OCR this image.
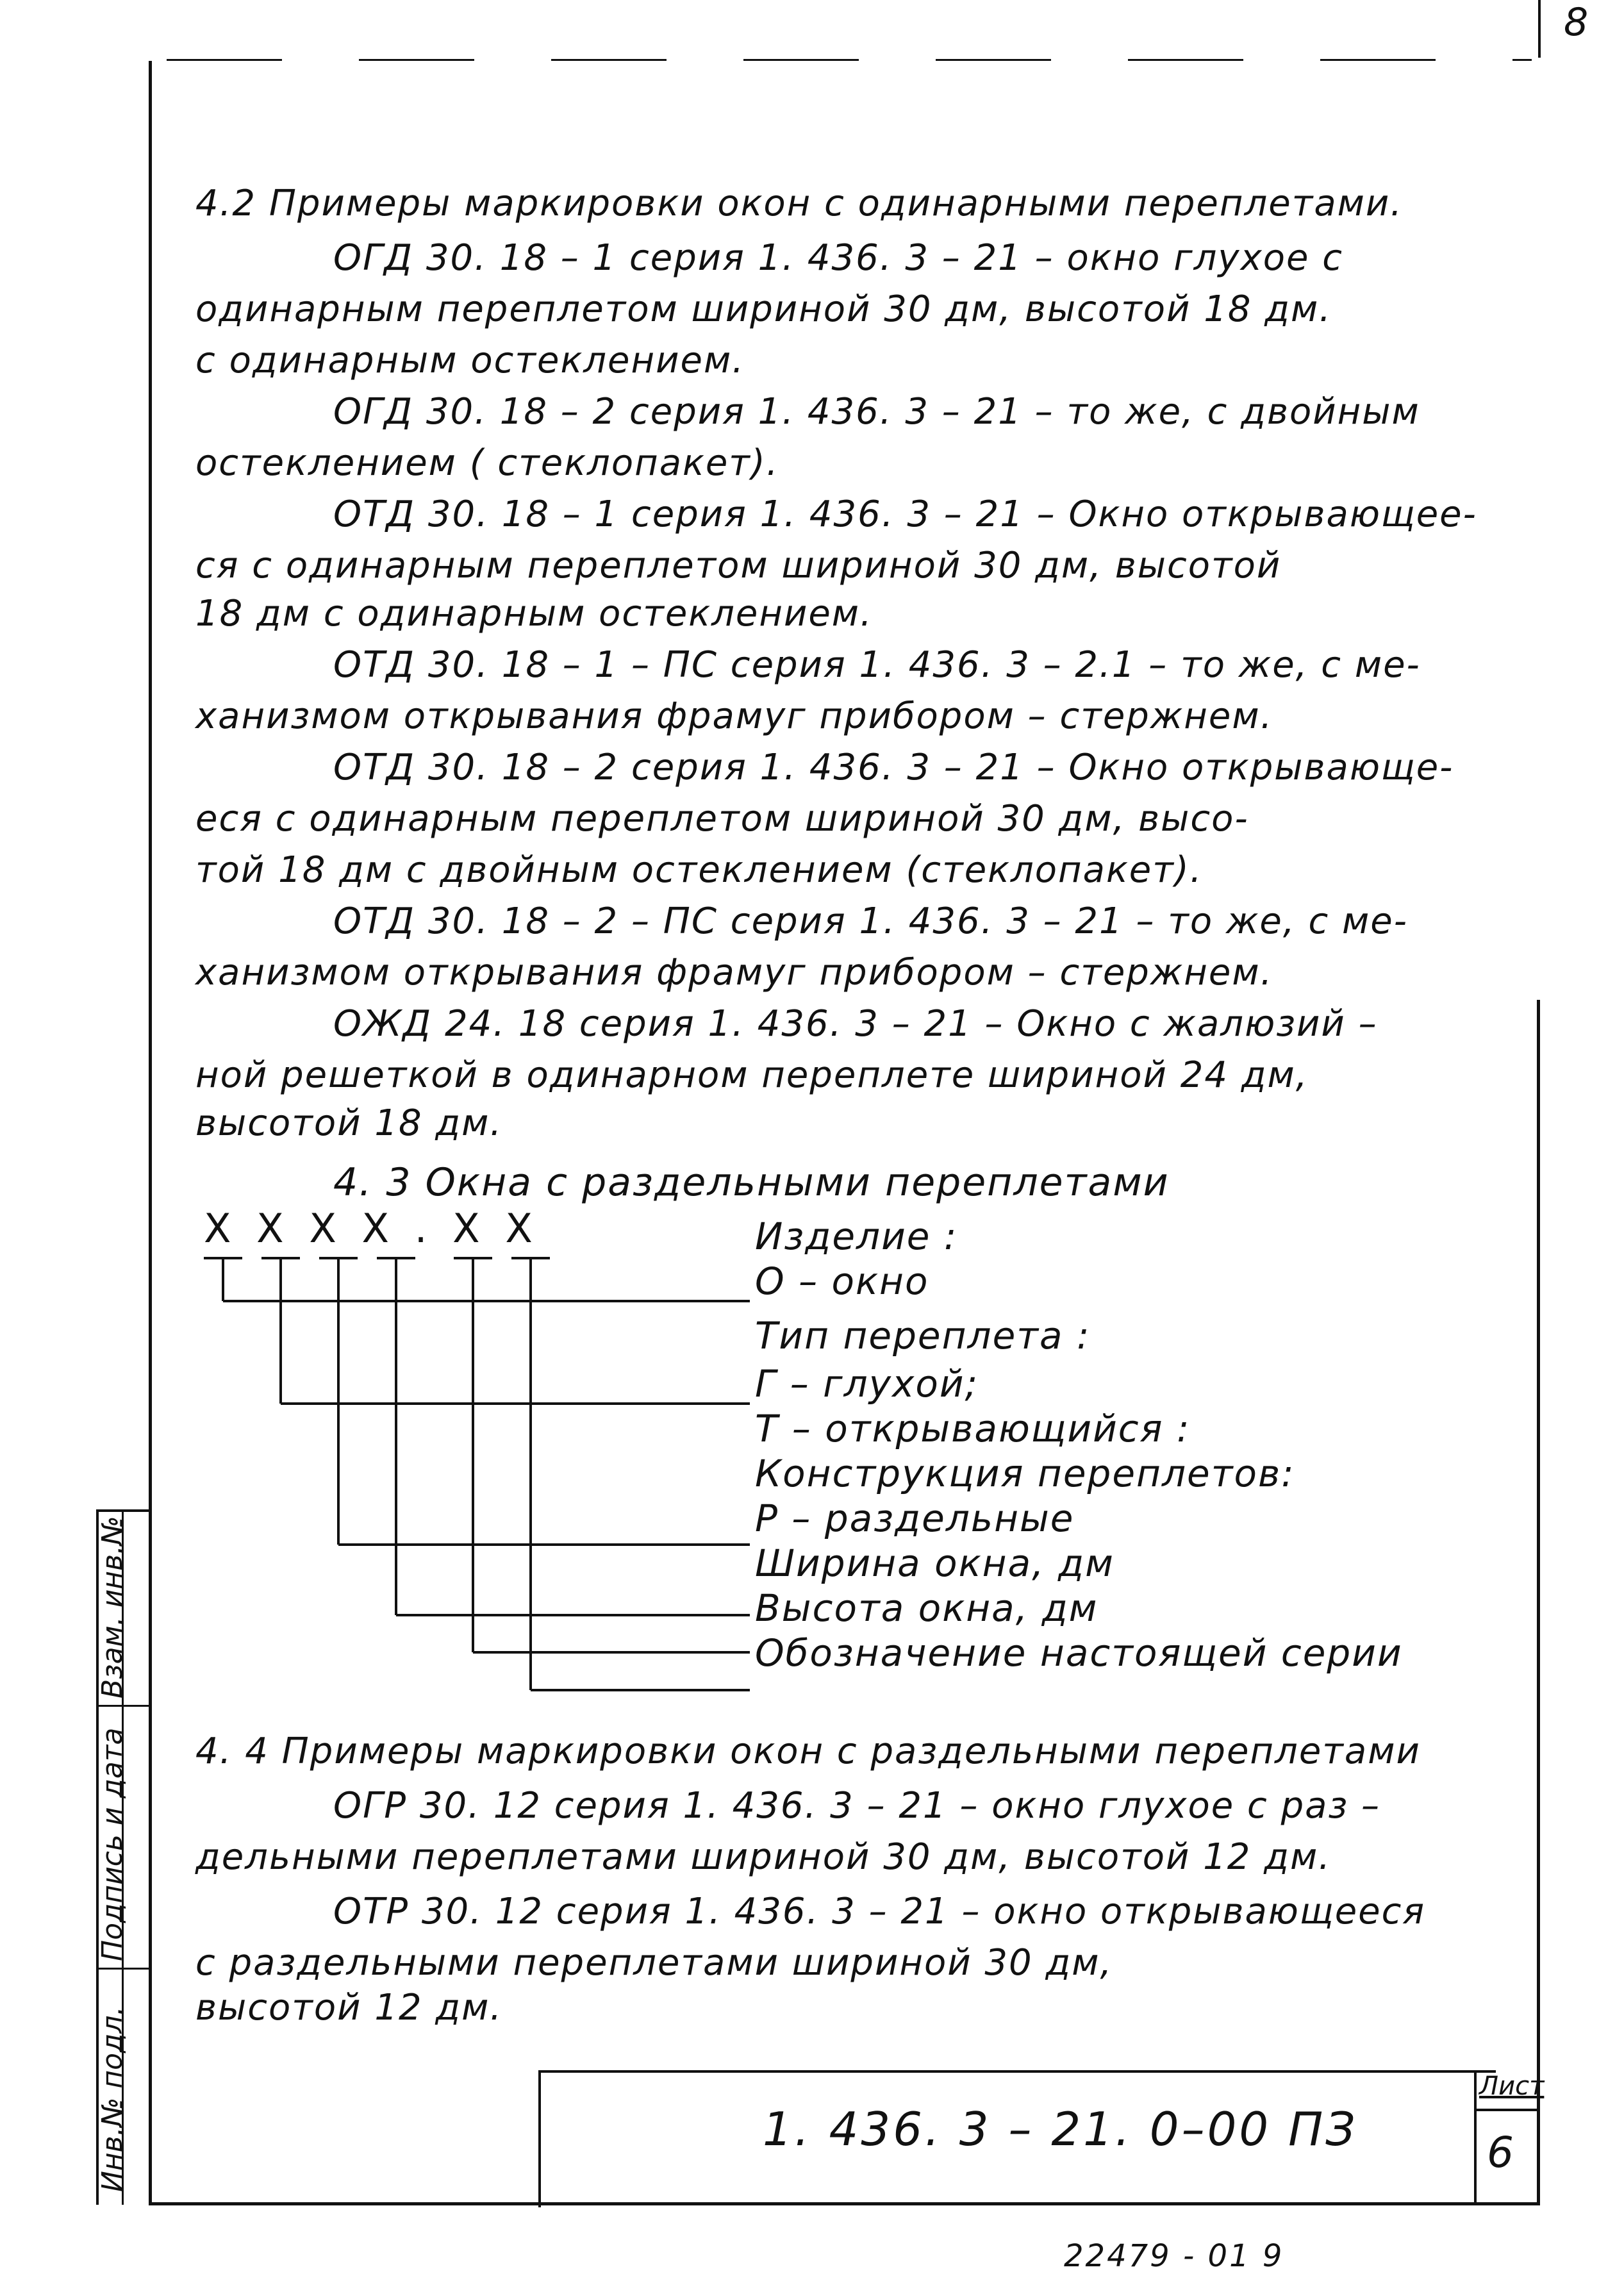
8
4.2 Примеры маркировки окон с одинарными переплетами.
ОГД 30. 18 – 1 серия 1. 436. 3 – 21 – окно глухое с
одинарным переплетом шириной 30 дм, высотой 18 дм.
с одинарным остеклением.
ОГД 30. 18 – 2 серия 1. 436. 3 – 21 – то же, с двойным
остеклением ( стеклопакет).
ОТД 30. 18 – 1 серия 1. 436. 3 – 21 – Окно открывающее-
ся с одинарным переплетом шириной 30 дм, высотой
18 дм с одинарным остеклением.
ОТД 30. 18 – 1 – ПС серия 1. 436. 3 – 2.1 – то же, с ме-
ханизмом открывания фрамуг прибором – стержнем.
ОТД 30. 18 – 2 серия 1. 436. 3 – 21 – Окно открывающе-
еся с одинарным переплетом шириной 30 дм, высо-
той 18 дм с двойным остеклением (стеклопакет).
ОТД 30. 18 – 2 – ПС серия 1. 436. 3 – 21 – то же, с ме-
ханизмом открывания фрамуг прибором – стержнем.
ОЖД 24. 18 серия 1. 436. 3 – 21 – Окно с жалюзий –
ной решеткой в одинарном переплете шириной 24 дм,
высотой 18 дм.
4. 3 Окна с раздельными переплетами
X X X X . X X	Изделие :
О – окно
Тип переплета :
Г – глухой;
Т – открывающийся :
Конструкция переплетов:
Р – раздельные
Ширина окна, дм
Высота окна, дм
Обозначение настоящей серии
4. 4 Примеры маркировки окон с раздельными переплетами
ОГР 30. 12 серия 1. 436. 3 – 21 – окно глухое с раз –
дельными переплетами шириной 30 дм, высотой 12 дм.
ОТР 30. 12 серия 1. 436. 3 – 21 – окно открывающееся
с раздельными переплетами шириной 30 дм,
высотой 12 дм.
Взам. инв.№
Подпись и дата
Инв.№ подл.	1. 436. 3 – 21. 0–00 ПЗ
Лист
6
22479 - 01 9
